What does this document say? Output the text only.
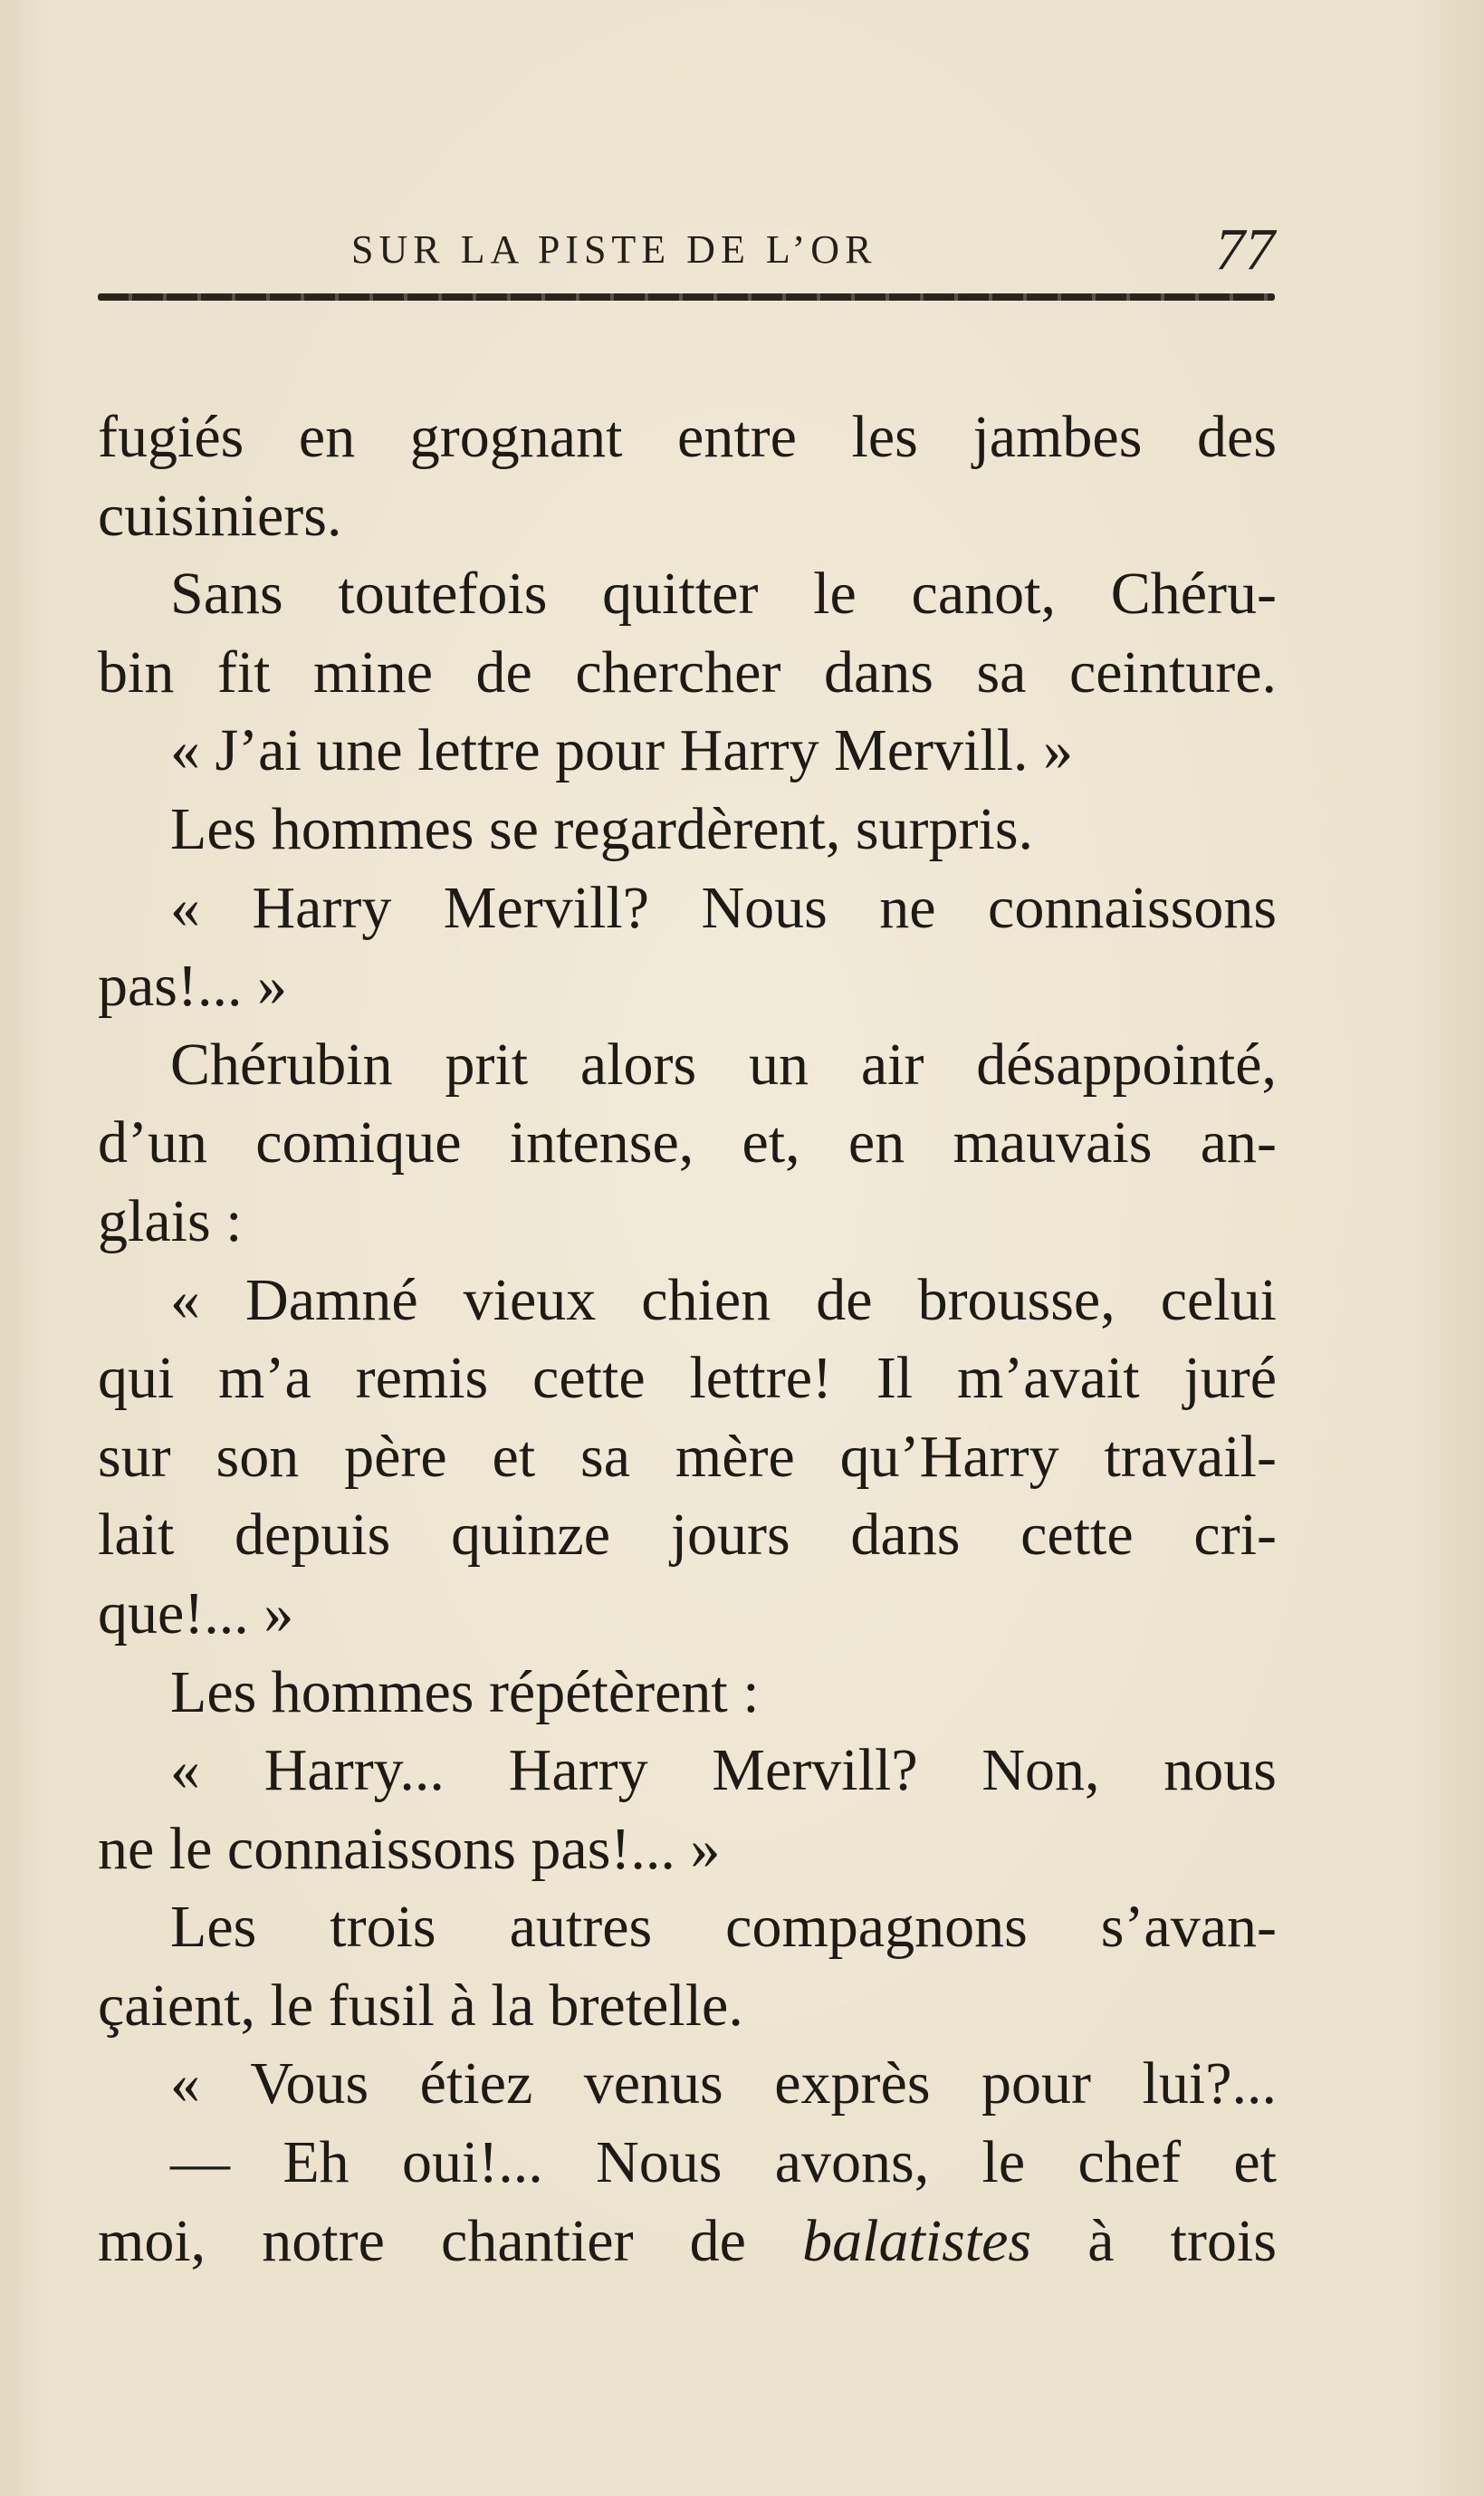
SUR LA PISTE DE L’OR	77
fugiés en grognant entre les jambes des
cuisiniers.
Sans toutefois quitter le canot, Chéru-
bin fit mine de chercher dans sa ceinture.
« J’ai une lettre pour Harry Mervill. »
Les hommes se regardèrent, surpris.
« Harry Mervill? Nous ne connaissons
pas!... »
Chérubin prit alors un air désappointé,
d’un comique intense, et, en mauvais an-
glais :
« Damné vieux chien de brousse, celui
qui m’a remis cette lettre! Il m’avait juré
sur son père et sa mère qu’Harry travail-
lait depuis quinze jours dans cette cri-
que!... »
Les hommes répétèrent :
« Harry... Harry Mervill? Non, nous
ne le connaissons pas!... »
Les trois autres compagnons s’avan-
çaient, le fusil à la bretelle.
« Vous étiez venus exprès pour lui?...
— Eh oui!... Nous avons, le chef et
moi, notre chantier de balatistes à trois
